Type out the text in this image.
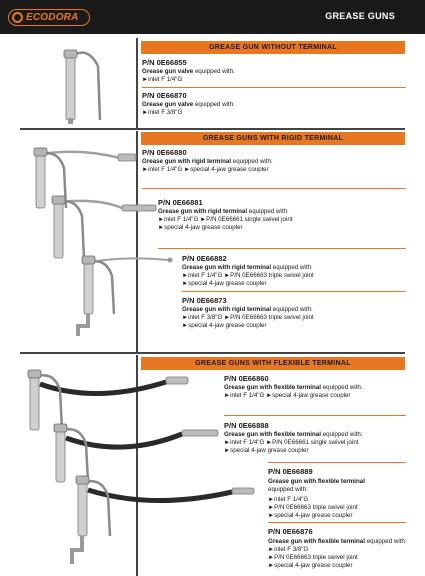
ECODORA	GREASE GUNS
GREASE GUN WITHOUT TERMINAL
P/N 0E66855
Grease gun valve equipped with:
►inlet F 1/4"G
P/N 0E66870
Grease gun valve equipped with:
►inlet F 3/8"G
GREASE GUNS WITH RIGID TERMINAL
P/N 0E66880
Grease gun with rigid terminal equipped with:
►inlet F 1/4"G ►special 4-jaw grease coupler
P/N 0E66881
Grease gun with rigid terminal equipped with:
►inlet F 1/4"G ►P/N 0E66661 single swivel joint
►special 4-jaw grease coupler
P/N 0E66882
Grease gun with rigid terminal equipped with:
►inlet F 1/4"G ►P/N 0E66663 triple swivel joint
►special 4-jaw grease coupler
P/N 0E66873
Grease gun with rigid terminal equipped with:
►inlet F 3/8"G ►P/N 0E66663 triple swivel joint
►special 4-jaw grease coupler
GREASE GUNS WITH FLEXIBLE TERMINAL
P/N 0E66860
Grease gun with flexible terminal equipped with:
►inlet F 1/4"G ►special 4-jaw grease coupler
P/N 0E66888
Grease gun with flexible terminal equipped with:
►inlet F 1/4"G ►P/N 0E66661 single swivel joint
►special 4-jaw grease coupler
P/N 0E66889
Grease gun with flexible terminal
equipped with:
►inlet F 1/4"G
►P/N 0E66663 triple swivel joint
►special 4-jaw grease coupler
P/N 0E66876
Grease gun with flexible terminal equipped with:
►inlet F 3/8"G
►P/N 0E66663 triple swivel joint
►special 4-jaw grease coupler
